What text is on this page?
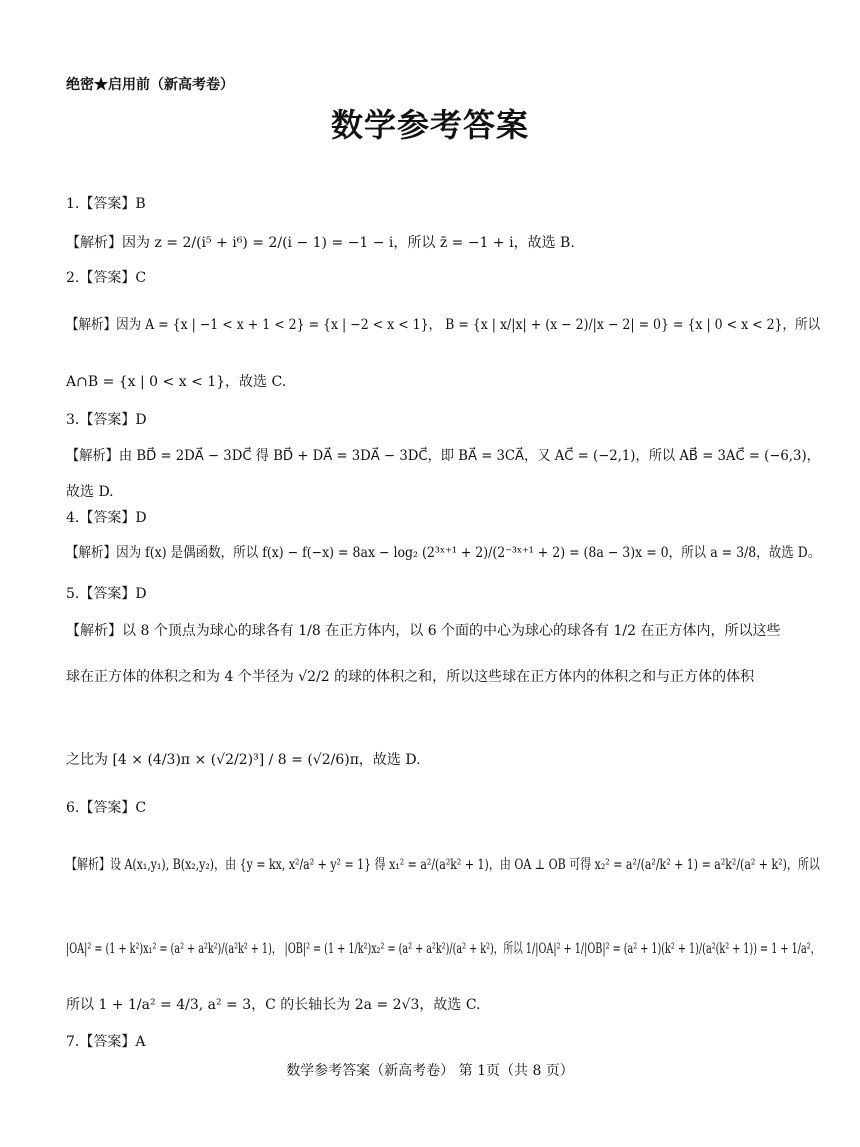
绝密★启用前（新高考卷）
数学参考答案
1.【答案】B
【解析】因为 z = 2/(i⁵ + i⁶) = 2/(i − 1) = −1 − i，所以 z̄ = −1 + i，故选 B.
2.【答案】C
【解析】因为 A = {x | −1 < x + 1 < 2} = {x | −2 < x < 1}， B = {x | x/|x| + (x − 2)/|x − 2| = 0} = {x | 0 < x < 2}，所以
A∩B = {x | 0 < x < 1}，故选 C.
3.【答案】D
【解析】由 BD⃗ = 2DA⃗ − 3DC⃗ 得 BD⃗ + DA⃗ = 3DA⃗ − 3DC⃗，即 BA⃗ = 3CA⃗，又 AC⃗ = (−2,1)，所以 AB⃗ = 3AC⃗ = (−6,3)，
故选 D.
4.【答案】D
【解析】因为 f(x) 是偶函数，所以 f(x) − f(−x) = 8ax − log₂ (2³ˣ⁺¹ + 2)/(2⁻³ˣ⁺¹ + 2) = (8a − 3)x = 0，所以 a = 3/8，故选 D。
5.【答案】D
【解析】以 8 个顶点为球心的球各有 1/8 在正方体内，以 6 个面的中心为球心的球各有 1/2 在正方体内，所以这些
球在正方体的体积之和为 4 个半径为 √2/2 的球的体积之和，所以这些球在正方体内的体积之和与正方体的体积
之比为 [4 × (4/3)π × (√2/2)³] / 8 = (√2/6)π，故选 D.
6.【答案】C
【解析】设 A(x₁,y₁), B(x₂,y₂)，由 {y = kx, x²/a² + y² = 1} 得 x₁² = a²/(a²k² + 1)，由 OA ⊥ OB 可得 x₂² = a²/(a²/k² + 1) = a²k²/(a² + k²)，所以
|OA|² = (1 + k²)x₁² = (a² + a²k²)/(a²k² + 1)， |OB|² = (1 + 1/k²)x₂² = (a² + a²k²)/(a² + k²)，所以 1/|OA|² + 1/|OB|² = (a² + 1)(k² + 1)/(a²(k² + 1)) = 1 + 1/a²，
所以 1 + 1/a² = 4/3, a² = 3，C 的长轴长为 2a = 2√3，故选 C.
7.【答案】A
数学参考答案（新高考卷） 第 1页（共 8 页）
